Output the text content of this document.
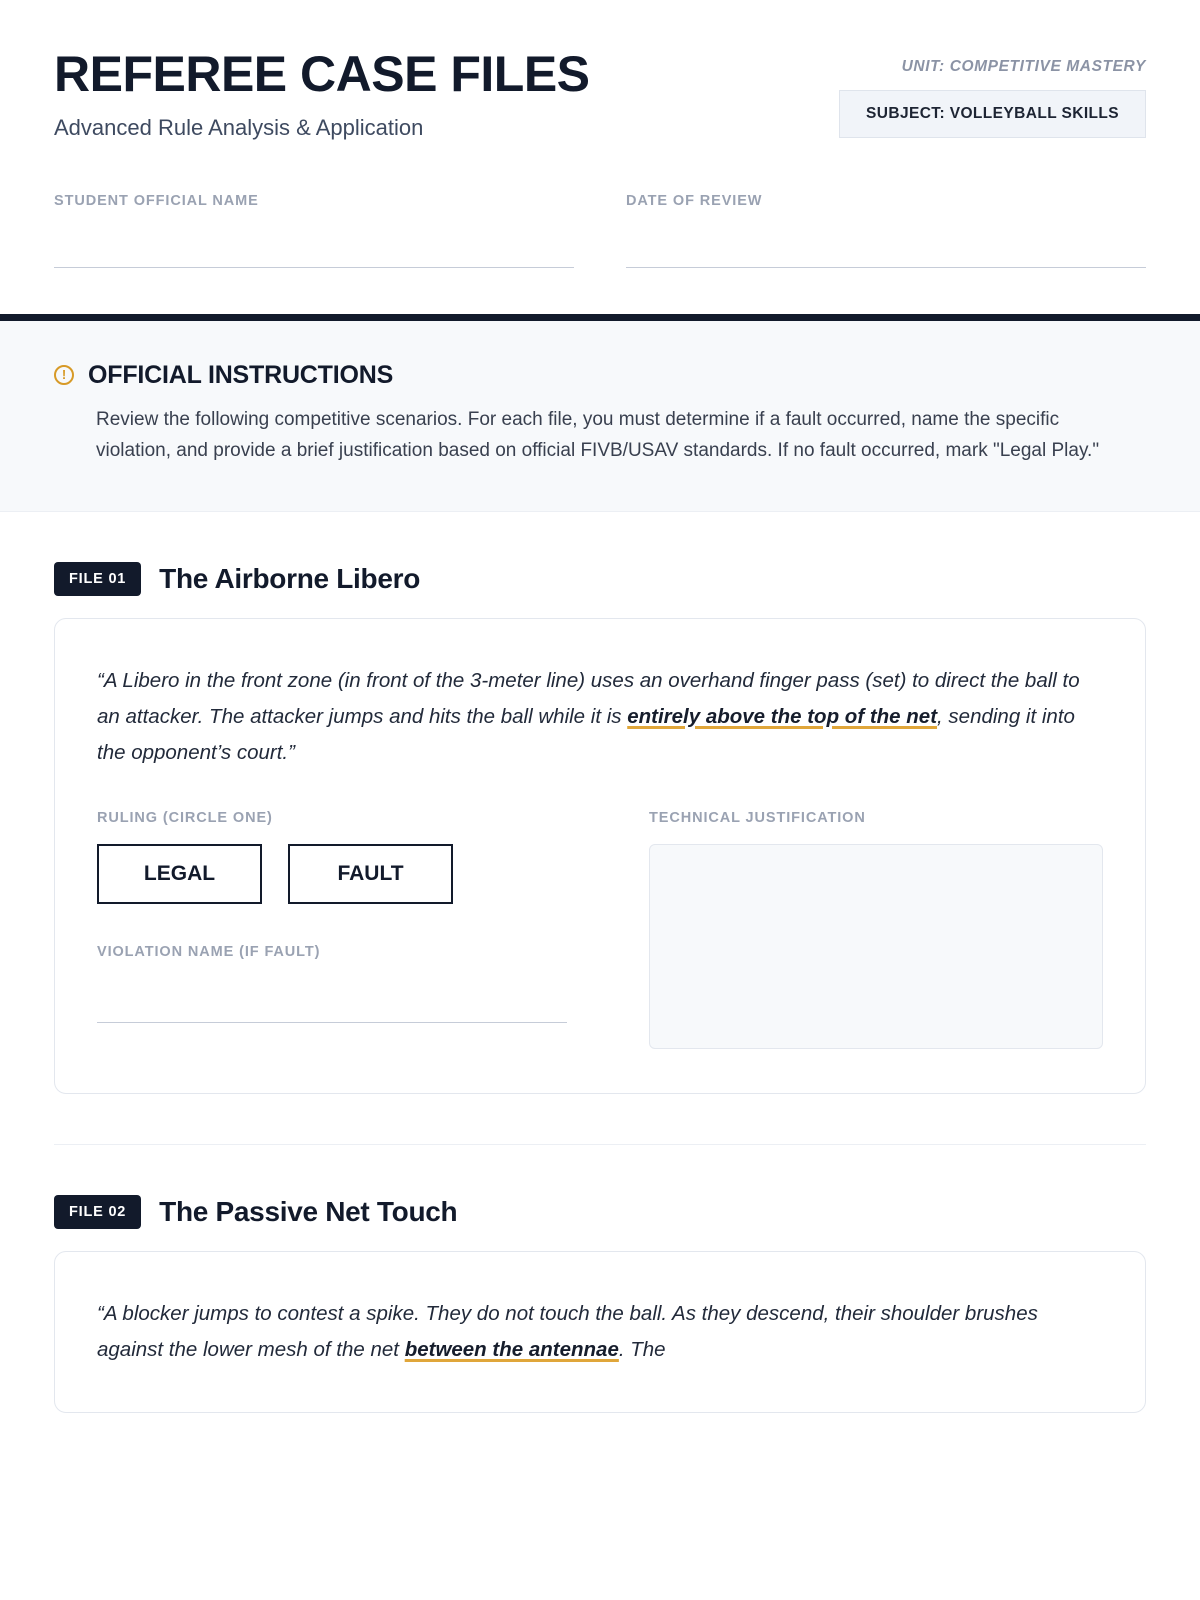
REFEREE CASE FILES
Advanced Rule Analysis & Application
UNIT: COMPETITIVE MASTERY
SUBJECT: VOLLEYBALL SKILLS
STUDENT OFFICIAL NAME	DATE OF REVIEW
! OFFICIAL INSTRUCTIONS
Review the following competitive scenarios. For each file, you must determine if a fault occurred, name the specific violation, and provide a brief justification based on official FIVB/USAV standards. If no fault occurred, mark "Legal Play."
FILE 01	The Airborne Libero
“A Libero in the front zone (in front of the 3-meter line) uses an overhand finger pass (set) to direct the ball to an attacker. The attacker jumps and hits the ball while it is entirely above the top of the net, sending it into the opponent’s court.”
RULING (CIRCLE ONE)
LEGAL	FAULT
VIOLATION NAME (IF FAULT)
TECHNICAL JUSTIFICATION
FILE 02	The Passive Net Touch
“A blocker jumps to contest a spike. They do not touch the ball. As they descend, their shoulder brushes against the lower mesh of the net between the antennae. The
